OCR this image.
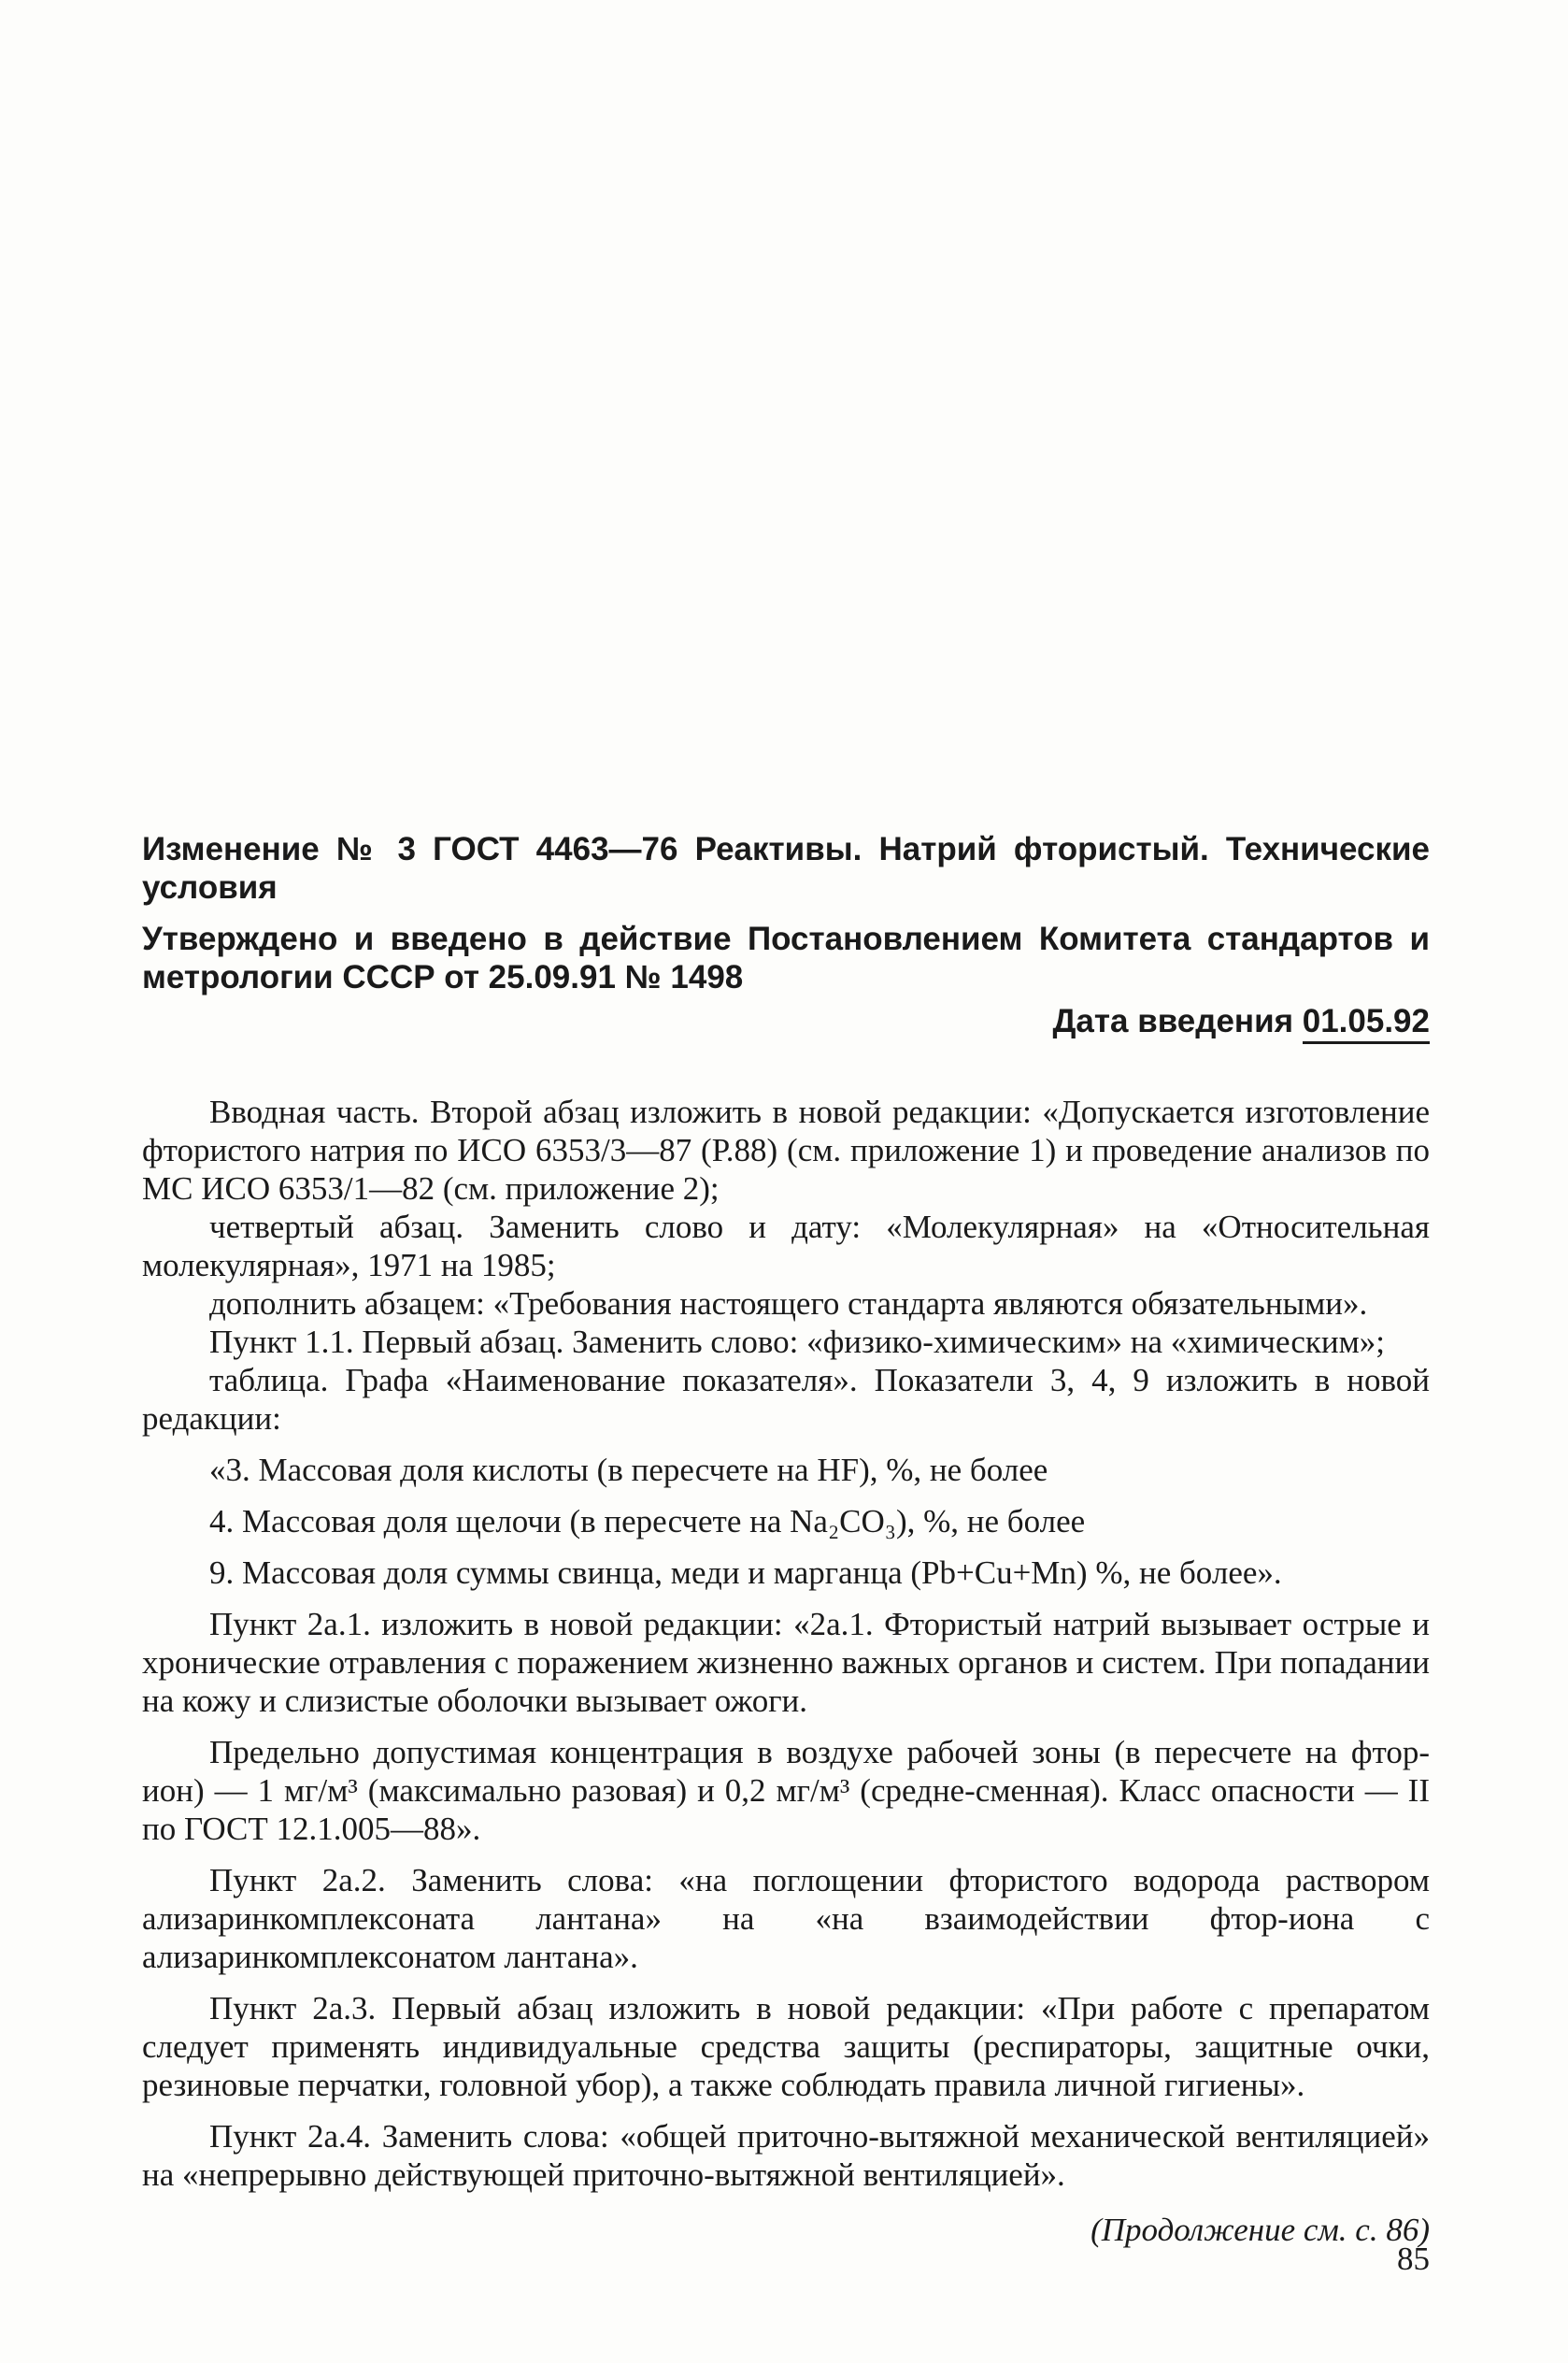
Изменение № 3 ГОСТ 4463—76 Реактивы. Натрий фтористый. Технические условия

Утверждено и введено в действие Постановлением Комитета стандартов и метрологии СССР от 25.09.91 № 1498

Дата введения 01.05.92

Вводная часть. Второй абзац изложить в новой редакции: «Допускается изготовление фтористого натрия по ИСО 6353/3—87 (Р.88) (см. приложение 1) и проведение анализов по МС ИСО 6353/1—82 (см. приложение 2);

четвертый абзац. Заменить слово и дату: «Молекулярная» на «Относительная молекулярная», 1971 на 1985;

дополнить абзацем: «Требования настоящего стандарта являются обязательными».

Пункт 1.1. Первый абзац. Заменить слово: «физико-химическим» на «химическим»;

таблица. Графа «Наименование показателя». Показатели 3, 4, 9 изложить в новой редакции:

«3. Массовая доля кислоты (в пересчете на HF), %, не более

4. Массовая доля щелочи (в пересчете на Na₂CO₃), %, не более

9. Массовая доля суммы свинца, меди и марганца (Pb+Cu+Mn) %, не более».

Пункт 2а.1. изложить в новой редакции: «2а.1. Фтористый натрий вызывает острые и хронические отравления с поражением жизненно важных органов и систем. При попадании на кожу и слизистые оболочки вызывает ожоги.

Предельно допустимая концентрация в воздухе рабочей зоны (в пересчете на фтор-ион) — 1 мг/м³ (максимально разовая) и 0,2 мг/м³ (средне-сменная). Класс опасности — II по ГОСТ 12.1.005—88».

Пункт 2а.2. Заменить слова: «на поглощении фтористого водорода раствором ализаринкомплексоната лантана» на «на взаимодействии фтор-иона с ализаринкомплексонатом лантана».

Пункт 2а.3. Первый абзац изложить в новой редакции: «При работе с препаратом следует применять индивидуальные средства защиты (респираторы, защитные очки, резиновые перчатки, головной убор), а также соблюдать правила личной гигиены».

Пункт 2а.4. Заменить слова: «общей приточно-вытяжной механической вентиляцией» на «непрерывно действующей приточно-вытяжной вентиляцией».

(Продолжение см. с. 86)
85
